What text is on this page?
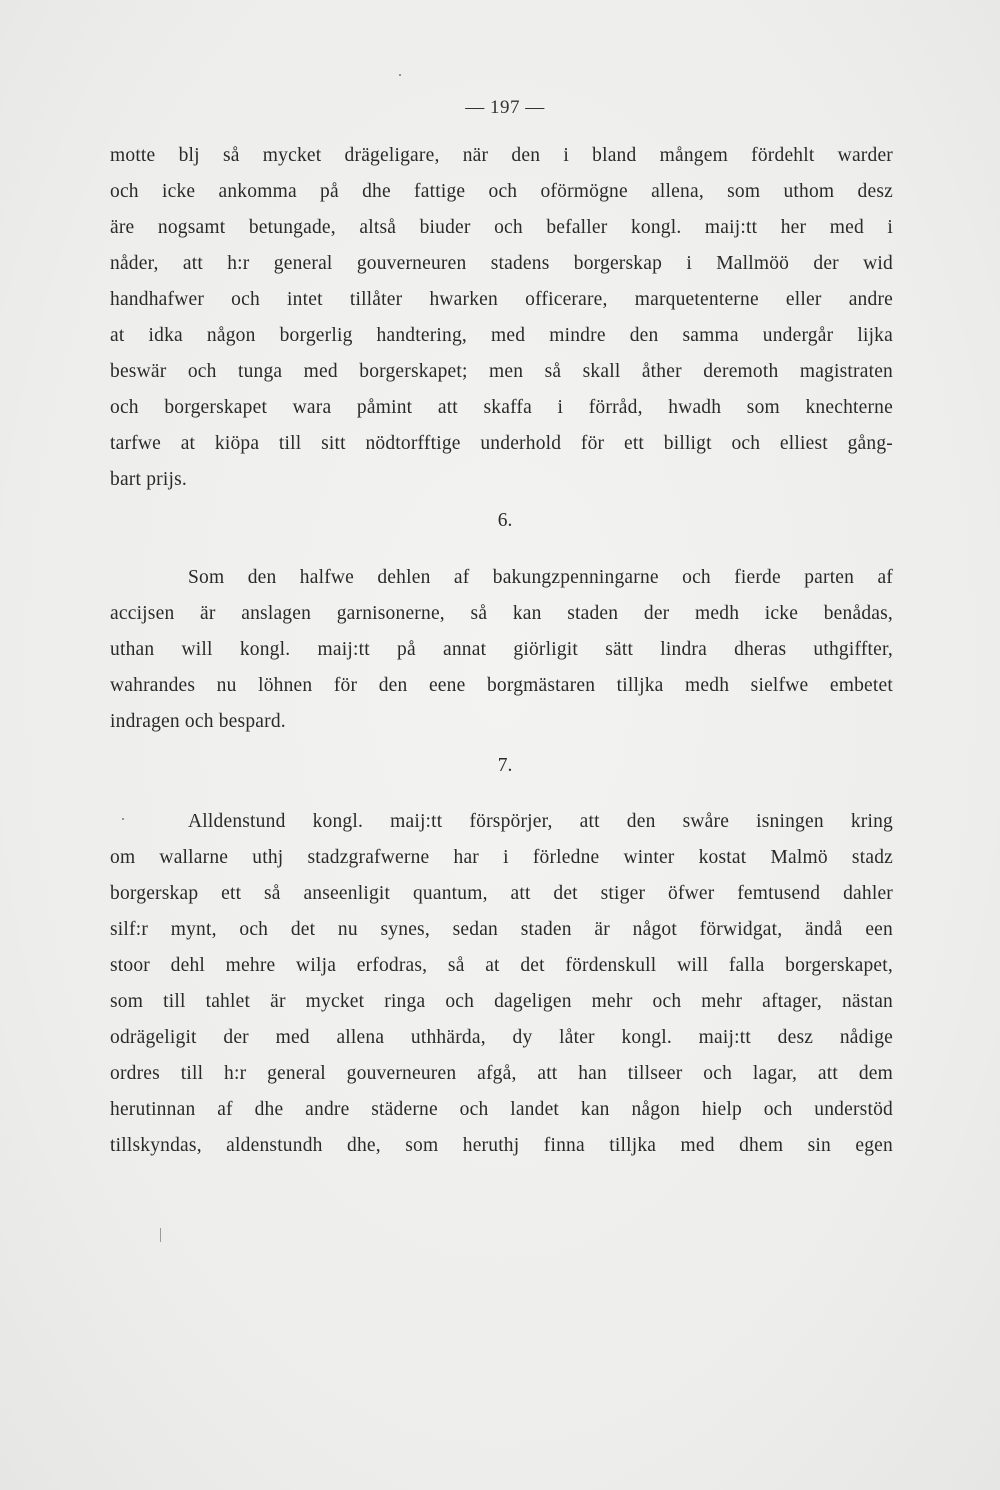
— 197 —
motte blj så mycket drägeligare, när den i bland mångem fördehlt warder
och icke ankomma på dhe fattige och oförmögne allena, som uthom desz
äre nogsamt betungade, altså biuder och befaller kongl. maij:tt her med i
nåder, att h:r general gouverneuren stadens borgerskap i Mallmöö der wid
handhafwer och intet tillåter hwarken officerare, marquetenterne eller andre
at idka någon borgerlig handtering, med mindre den samma undergår lijka
beswär och tunga med borgerskapet; men så skall åther deremoth magistraten
och borgerskapet wara påmint att skaffa i förråd, hwadh som knechterne
tarfwe at kiöpa till sitt nödtorfftige underhold för ett billigt och elliest gång-
bart prijs.
6.
Som den halfwe dehlen af bakungzpenningarne och fierde parten af
accijsen är anslagen garnisonerne, så kan staden der medh icke benådas,
uthan will kongl. maij:tt på annat giörligit sätt lindra dheras uthgiffter,
wahrandes nu löhnen för den eene borgmästaren tilljka medh sielfwe embetet
indragen och bespard.
7.
Alldenstund kongl. maij:tt förspörjer, att den swåre isningen kring
om wallarne uthj stadzgrafwerne har i förledne winter kostat Malmö stadz
borgerskap ett så anseenligit quantum, att det stiger öfwer femtusend dahler
silf:r mynt, och det nu synes, sedan staden är något förwidgat, ändå een
stoor dehl mehre wilja erfodras, så at det fördenskull will falla borgerskapet,
som till tahlet är mycket ringa och dageligen mehr och mehr aftager, nästan
odrägeligit der med allena uthhärda, dy låter kongl. maij:tt desz nådige
ordres till h:r general gouverneuren afgå, att han tillseer och lagar, att dem
herutinnan af dhe andre städerne och landet kan någon hielp och understöd
tillskyndas, aldenstundh dhe, som heruthj finna tilljka med dhem sin egen
